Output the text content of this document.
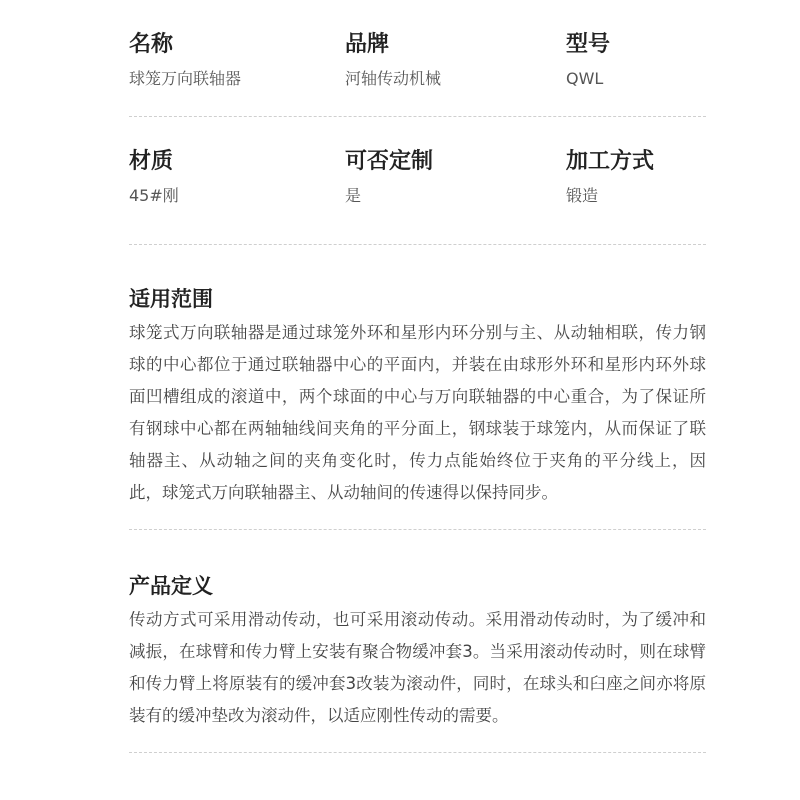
名称
球笼万向联轴器
品牌
河轴传动机械
型号
QWL
材质
45#刚
可否定制
是
加工方式
锻造
适用范围
球笼式万向联轴器是通过球笼外环和星形内环分别与主、从动轴相联，传力钢球的中心都位于通过联轴器中心的平面内，并装在由球形外环和星形内环外球面凹槽组成的滚道中，两个球面的中心与万向联轴器的中心重合，为了保证所有钢球中心都在两轴轴线间夹角的平分面上，钢球装于球笼内，从而保证了联轴器主、从动轴之间的夹角变化时，传力点能始终位于夹角的平分线上，因此，球笼式万向联轴器主、从动轴间的传速得以保持同步。
产品定义
传动方式可采用滑动传动，也可采用滚动传动。采用滑动传动时，为了缓冲和减振，在球臂和传力臂上安装有聚合物缓冲套3。当采用滚动传动时，则在球臂和传力臂上将原装有的缓冲套3改装为滚动件，同时，在球头和臼座之间亦将原装有的缓冲垫改为滚动件，以适应刚性传动的需要。
